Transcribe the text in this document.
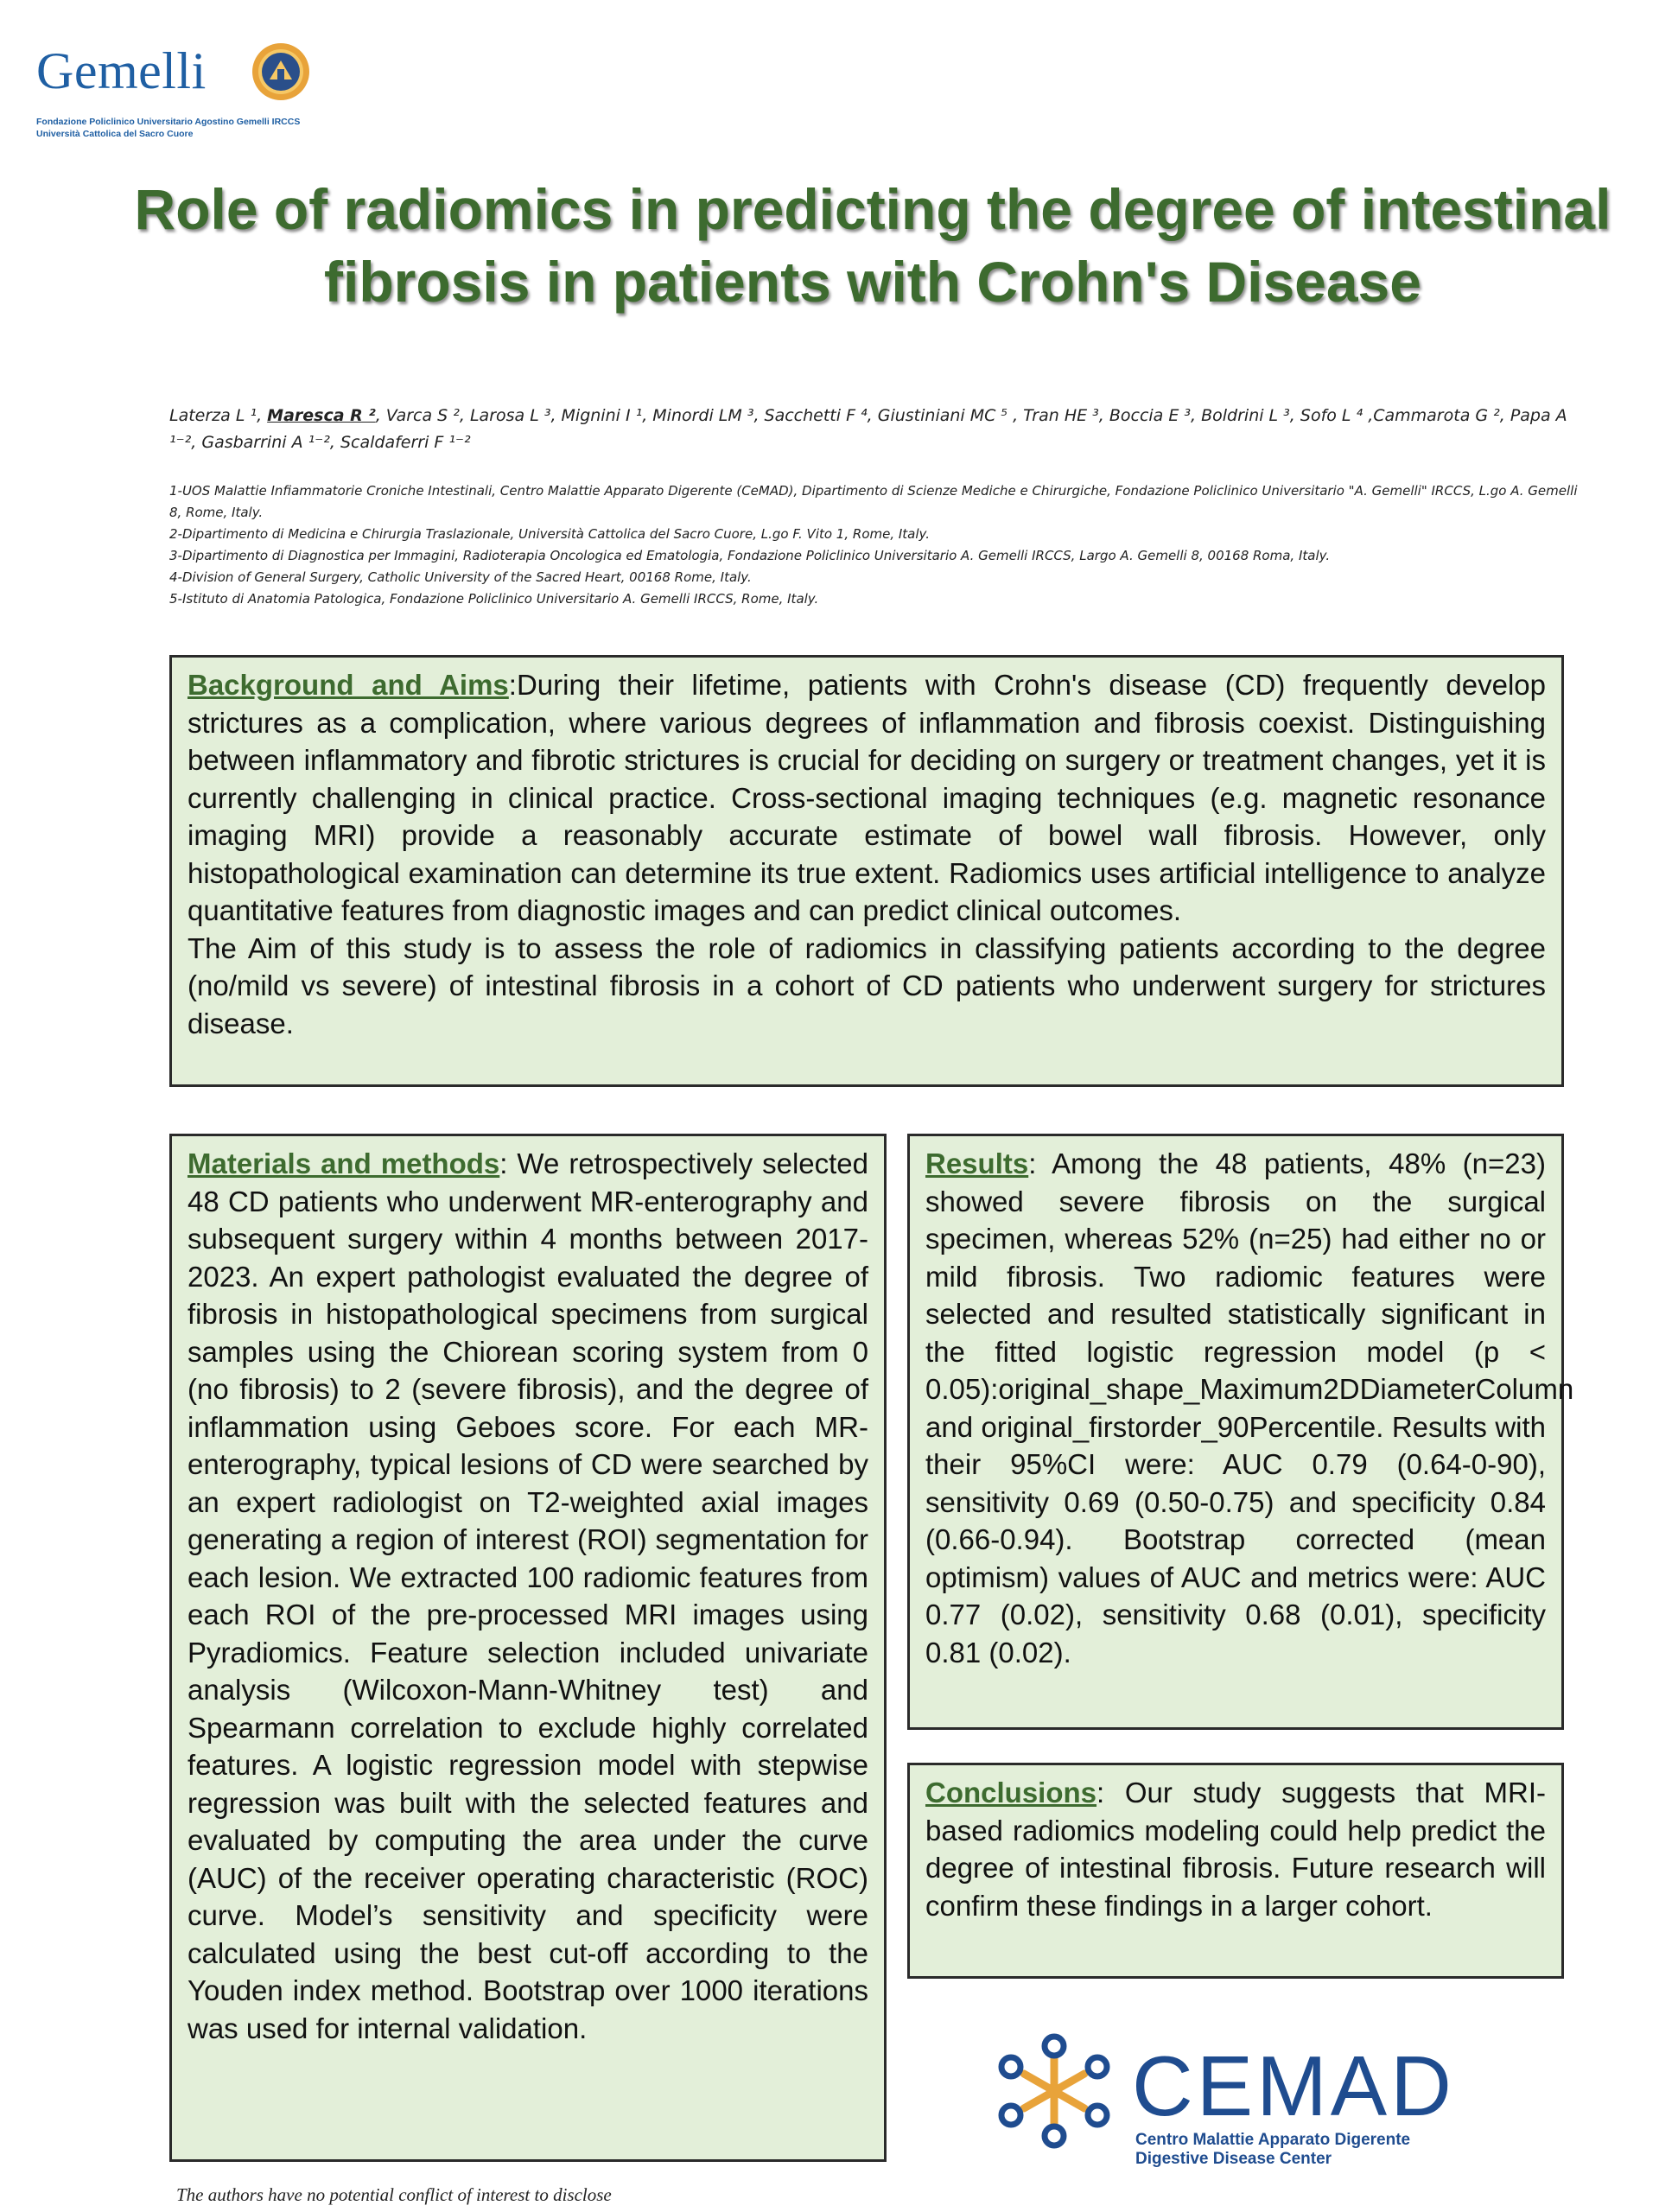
Gemelli
Fondazione Policlinico Universitario Agostino Gemelli IRCCS
Università Cattolica del Sacro Cuore
Role of radiomics in predicting the degree of intestinal fibrosis in patients with Crohn's Disease
Laterza L ¹, Maresca R ², Varca S ², Larosa L ³, Mignini I ¹, Minordi LM ³, Sacchetti F ⁴, Giustiniani MC ⁵ , Tran HE ³, Boccia E ³, Boldrini L ³, Sofo L ⁴ ,Cammarota G ², Papa A ¹⁻², Gasbarrini A ¹⁻², Scaldaferri F ¹⁻²
1-UOS Malattie Infiammatorie Croniche Intestinali, Centro Malattie Apparato Digerente (CeMAD), Dipartimento di Scienze Mediche e Chirurgiche, Fondazione Policlinico Universitario "A. Gemelli" IRCCS, L.go A. Gemelli 8, Rome, Italy.
2-Dipartimento di Medicina e Chirurgia Traslazionale, Università Cattolica del Sacro Cuore, L.go F. Vito 1, Rome, Italy.
3-Dipartimento di Diagnostica per Immagini, Radioterapia Oncologica ed Ematologia, Fondazione Policlinico Universitario A. Gemelli IRCCS, Largo A. Gemelli 8, 00168 Roma, Italy.
4-Division of General Surgery, Catholic University of the Sacred Heart, 00168 Rome, Italy.
5-Istituto di Anatomia Patologica, Fondazione Policlinico Universitario A. Gemelli IRCCS, Rome, Italy.
Background and Aims:During their lifetime, patients with Crohn's disease (CD) frequently develop strictures as a complication, where various degrees of inflammation and fibrosis coexist. Distinguishing between inflammatory and fibrotic strictures is crucial for deciding on surgery or treatment changes, yet it is currently challenging in clinical practice. Cross-sectional imaging techniques (e.g. magnetic resonance imaging MRI) provide a reasonably accurate estimate of bowel wall fibrosis. However, only histopathological examination can determine its true extent. Radiomics uses artificial intelligence to analyze quantitative features from diagnostic images and can predict clinical outcomes.
The Aim of this study is to assess the role of radiomics in classifying patients according to the degree (no/mild vs severe) of intestinal fibrosis in a cohort of CD patients who underwent surgery for strictures disease.
Materials and methods: We retrospectively selected 48 CD patients who underwent MR-enterography and subsequent surgery within 4 months between 2017-2023. An expert pathologist evaluated the degree of fibrosis in histopathological specimens from surgical samples using the Chiorean scoring system from 0 (no fibrosis) to 2 (severe fibrosis), and the degree of inflammation using Geboes score. For each MR-enterography, typical lesions of CD were searched by an expert radiologist on T2-weighted axial images generating a region of interest (ROI) segmentation for each lesion. We extracted 100 radiomic features from each ROI of the pre-processed MRI images using Pyradiomics. Feature selection included univariate analysis (Wilcoxon-Mann-Whitney test) and Spearmann correlation to exclude highly correlated features. A logistic regression model with stepwise regression was built with the selected features and evaluated by computing the area under the curve (AUC) of the receiver operating characteristic (ROC) curve. Model’s sensitivity and specificity were calculated using the best cut-off according to the Youden index method. Bootstrap over 1000 iterations was used for internal validation.
Results: Among the 48 patients, 48% (n=23) showed severe fibrosis on the surgical specimen, whereas 52% (n=25) had either no or mild fibrosis. Two radiomic features were selected and resulted statistically significant in the fitted logistic regression model (p < 0.05):original_shape_Maximum2DDiameterColumn and original_firstorder_90Percentile. Results with their 95%CI were: AUC 0.79 (0.64-0-90), sensitivity 0.69 (0.50-0.75) and specificity 0.84 (0.66-0.94). Bootstrap corrected (mean optimism) values of AUC and metrics were: AUC 0.77 (0.02), sensitivity 0.68 (0.01), specificity 0.81 (0.02).
Conclusions: Our study suggests that MRI-based radiomics modeling could help predict the degree of intestinal fibrosis. Future research will confirm these findings in a larger cohort.
CEMAD
Centro Malattie Apparato Digerente
Digestive Disease Center
The authors have no potential conflict of interest to disclose
